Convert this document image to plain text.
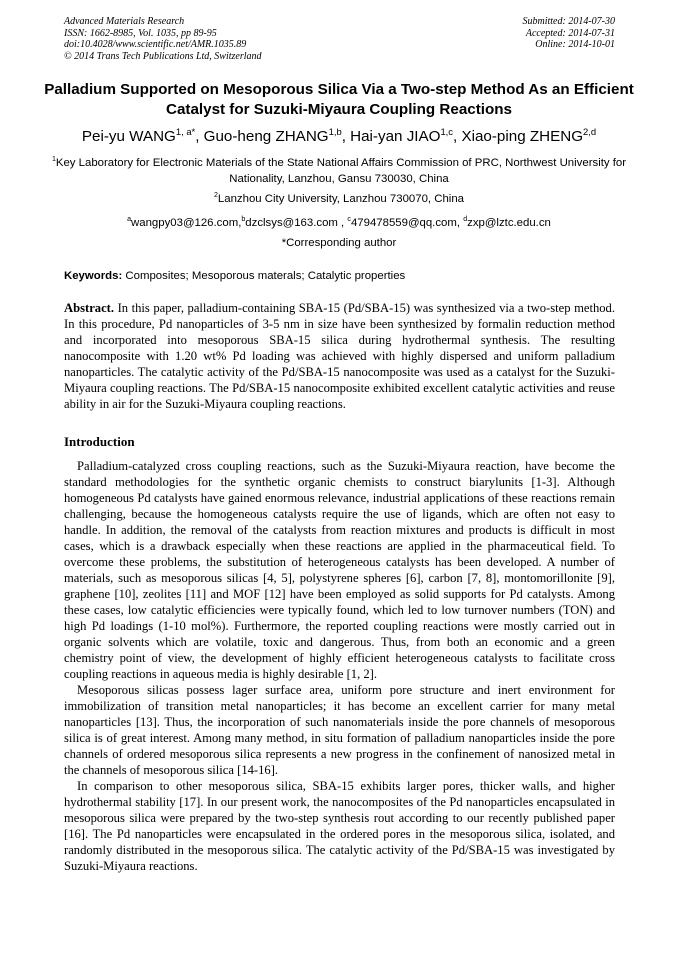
Advanced Materials Research
ISSN: 1662-8985, Vol. 1035, pp 89-95
doi:10.4028/www.scientific.net/AMR.1035.89
© 2014 Trans Tech Publications Ltd, Switzerland
Submitted: 2014-07-30
Accepted: 2014-07-31
Online: 2014-10-01
Palladium Supported on Mesoporous Silica Via a Two-step Method As an Efficient Catalyst for Suzuki-Miyaura Coupling Reactions
Pei-yu $WANG^{1, a*}$, Guo-heng ZHANG$^{1,b}$, Hai-yan JIAO$^{1,c}$, Xiao-ping ZHENG$^{2,d}$
$^1$Key Laboratory for Electronic Materials of the State National Affairs Commission of PRC, Northwest University for Nationality, Lanzhou, Gansu 730030, China
$^2$Lanzhou City University, Lanzhou 730070, China
$^a$wangpy03@126.com,$^b$dzclsys@163.com , $^c$479478559@qq.com, $^d$zxp@lztc.edu.cn
*Corresponding author
Keywords: Composites; Mesoporous materals; Catalytic properties

Abstract. In this paper, palladium-containing SBA-15 (Pd/SBA-15) was synthesized via a two-step method. In this procedure, Pd nanoparticles of 3-5 nm in size have been synthesized by formalin reduction method and incorporated into mesoporous SBA-15 silica during hydrothermal synthesis. The resulting nanocomposite with 1.20 wt% Pd loading was achieved with highly dispersed and uniform palladium nanoparticles. The catalytic activity of the Pd/SBA-15 nanocomposite was used as a catalyst for the Suzuki-Miyaura coupling reactions. The Pd/SBA-15 nanocomposite exhibited excellent catalytic activities and reuse ability in air for the Suzuki-Miyaura coupling reactions.

Introduction

Palladium-catalyzed cross coupling reactions, such as the Suzuki-Miyaura reaction, have become the standard methodologies for the synthetic organic chemists to construct biarylunits [1-3]. Although homogeneous Pd catalysts have gained enormous relevance, industrial applications of these reactions remain challenging, because the homogeneous catalysts require the use of ligands, which are often not easy to handle. In addition, the removal of the catalysts from reaction mixtures and products is difficult in most cases, which is a drawback especially when these reactions are applied in the pharmaceutical field. To overcome these problems, the substitution of heterogeneous catalysts has been developed. A number of materials, such as mesoporous silicas [4, 5], polystyrene spheres [6], carbon [7, 8], montomorillonite [9], graphene [10], zeolites [11] and MOF [12] have been employed as solid supports for Pd catalysts. Among these cases, low catalytic efficiencies were typically found, which led to low turnover numbers (TON) and high Pd loadings (1-10 mol%). Furthermore, the reported coupling reactions were mostly carried out in organic solvents which are volatile, toxic and dangerous. Thus, from both an economic and a green chemistry point of view, the development of highly efficient heterogeneous catalysts to facilitate cross coupling reactions in aqueous media is highly desirable [1, 2].

Mesoporous silicas possess lager surface area, uniform pore structure and inert environment for immobilization of transition metal nanoparticles; it has become an excellent carrier for many metal nanoparticles [13]. Thus, the incorporation of such nanomaterials inside the pore channels of mesoporous silica is of great interest. Among many method, in situ formation of palladium nanoparticles inside the pore channels of ordered mesoporous silica represents a new progress in the confinement of nanosized metal in the channels of mesoporous silica [14-16].

In comparison to other mesoporous silica, SBA-15 exhibits larger pores, thicker walls, and higher hydrothermal stability [17]. In our present work, the nanocomposites of the Pd nanoparticles encapsulated in mesoporous silica were prepared by the two-step synthesis rout according to our recently published paper [16]. The Pd nanoparticles were encapsulated in the ordered pores in the mesoporous silica, isolated, and randomly distributed in the mesoporous silica. The catalytic activity of the Pd/SBA-15 was investigated by Suzuki-Miyaura reactions.
